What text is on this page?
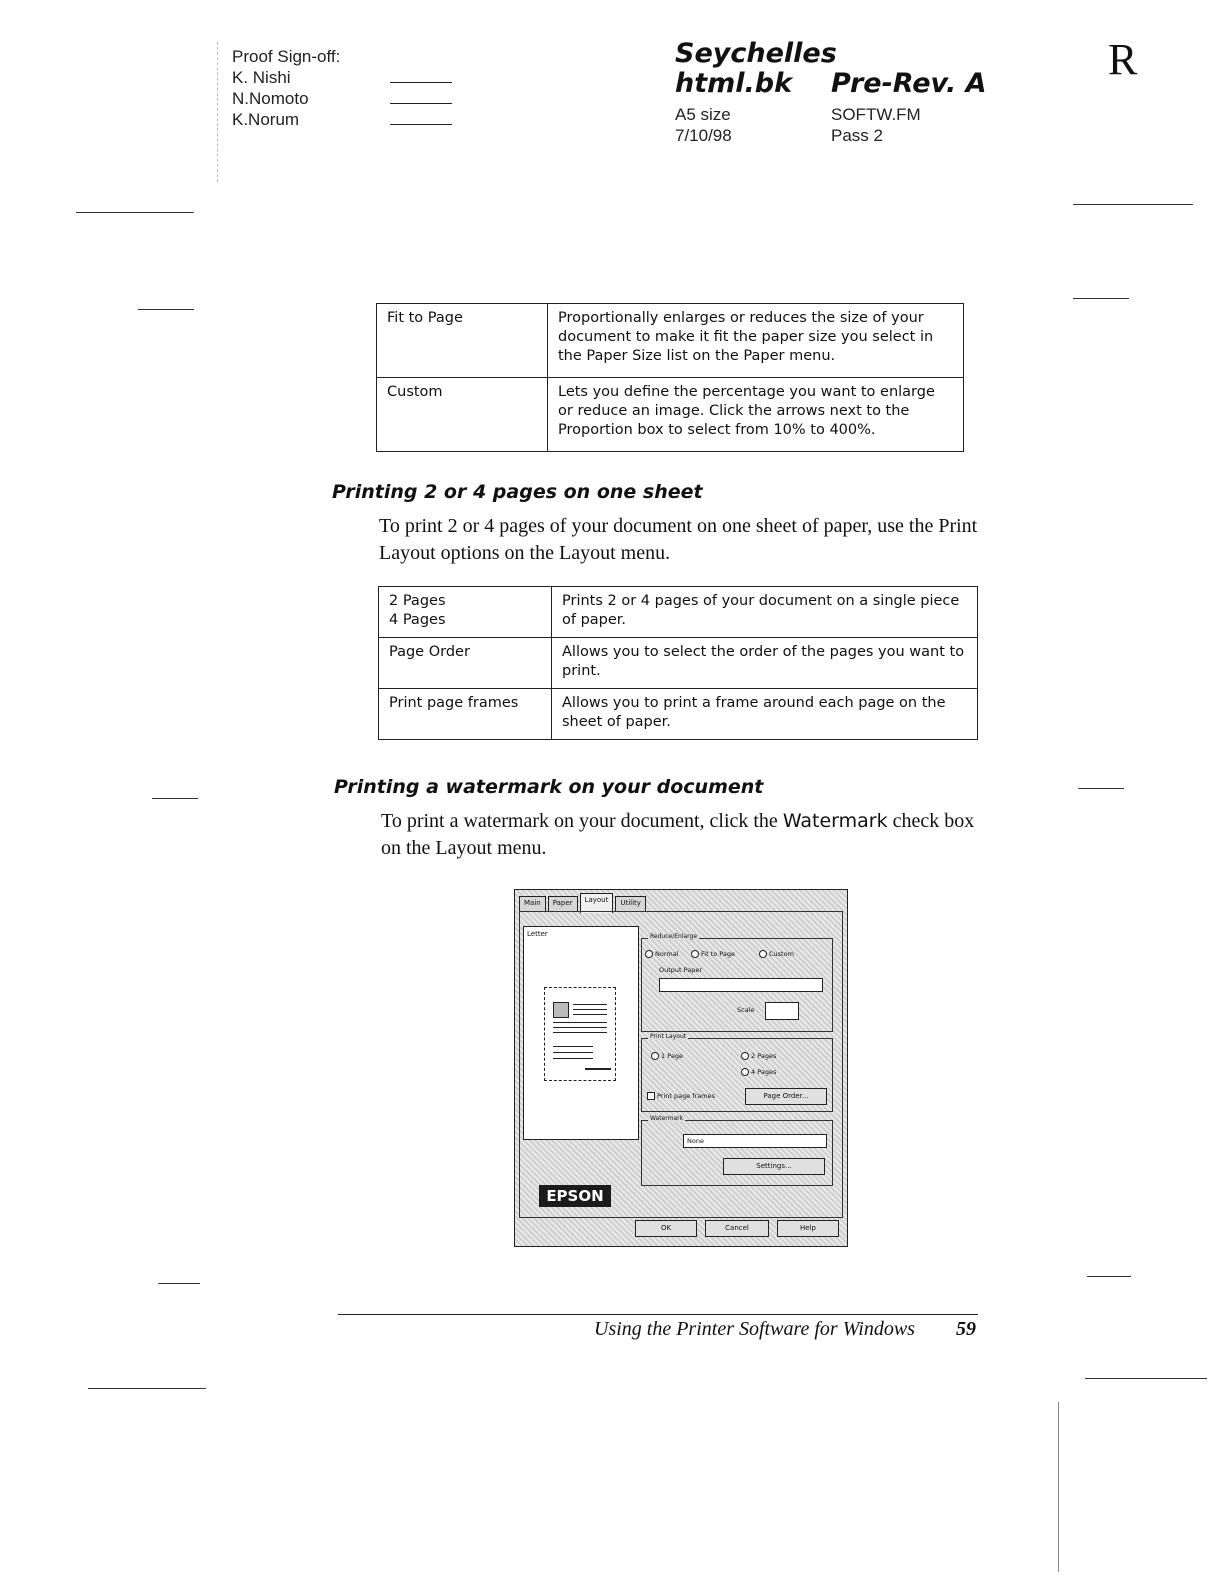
Proof Sign-off:
K. Nishi
N.Nomoto
K.Norum
Seychelles
html.bk Pre-Rev. A
A5 size	SOFTW.FM
7/10/98	Pass 2
R
Fit to Page	Proportionally enlarges or reduces the size of your document to make it fit the paper size you select in the Paper Size list on the Paper menu.
Custom	Lets you define the percentage you want to enlarge or reduce an image. Click the arrows next to the Proportion box to select from 10% to 400%.
Printing 2 or 4 pages on one sheet
To print 2 or 4 pages of your document on one sheet of paper, use the Print Layout options on the Layout menu.
2 Pages
4 Pages	Prints 2 or 4 pages of your document on a single piece of paper.
Page Order	Allows you to select the order of the pages you want to print.
Print page frames	Allows you to print a frame around each page on the sheet of paper.
Printing a watermark on your document
To print a watermark on your document, click the Watermark check box on the Layout menu.
Main	Paper	Layout	Utility
Letter
EPSON
Reduce/Enlarge
Normal	Fit to Page	Custom
Output Paper
Scale
Print Layout
1 Page	2 Pages
4 Pages
Print page frames	Page Order...
Watermark
None
Settings...
OK	Cancel	Help
Using the Printer Software for Windows 59
